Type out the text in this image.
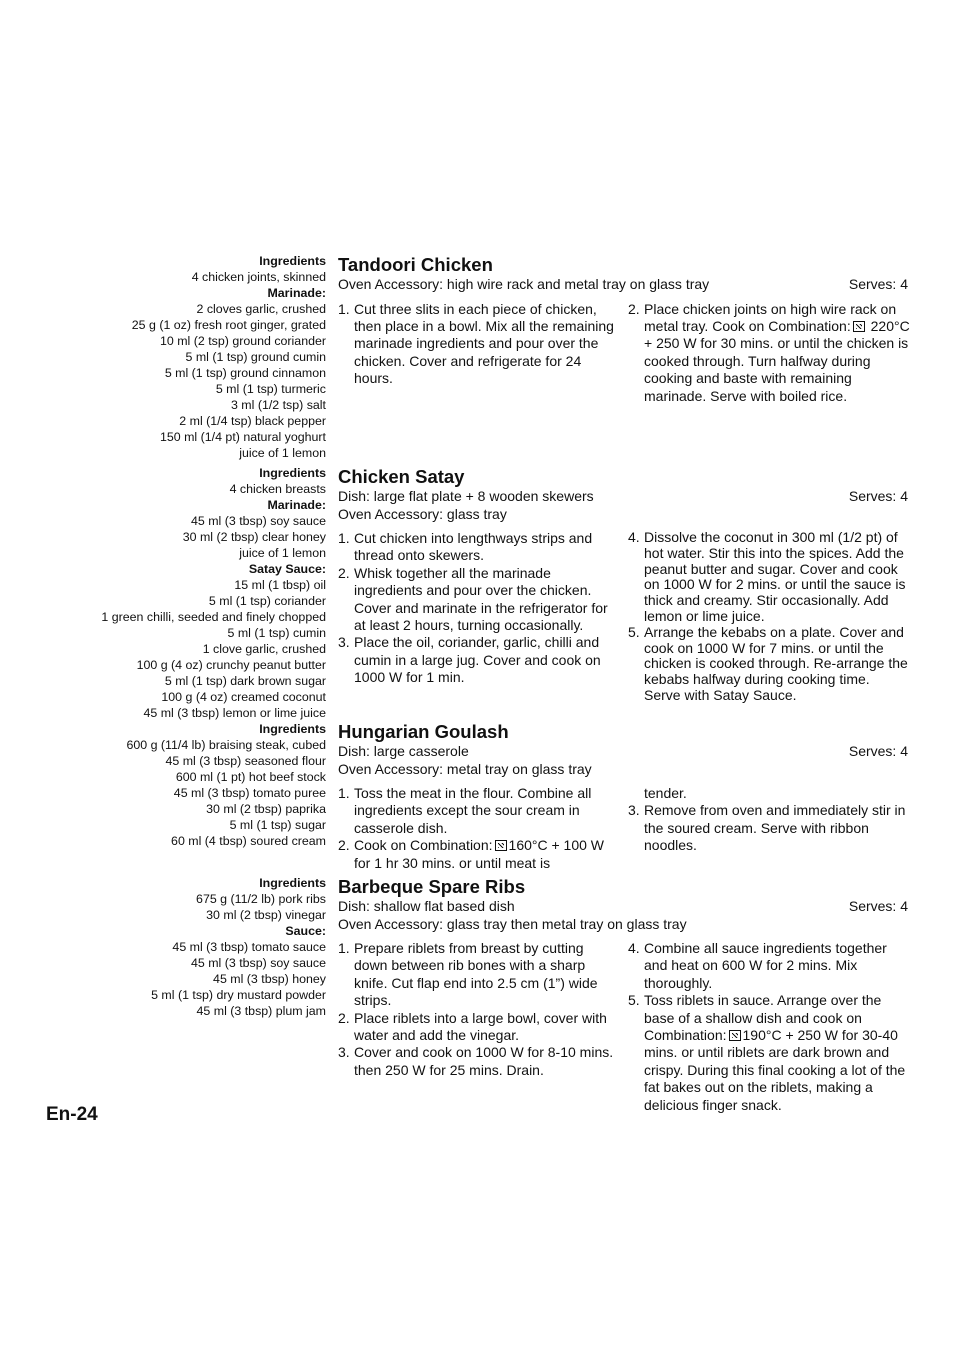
Ingredients
4 chicken joints, skinned
Marinade:
2 cloves garlic, crushed
25 g (1 oz) fresh root ginger, grated
10 ml (2 tsp) ground coriander
5 ml (1 tsp) ground cumin
5 ml (1 tsp) ground cinnamon
5 ml (1 tsp) turmeric
3 ml (1/2 tsp) salt
2 ml (1/4 tsp) black pepper
150 ml (1/4 pt) natural yoghurt
juice of 1 lemon
Ingredients
4 chicken breasts
Marinade:
45 ml (3 tbsp) soy sauce
30 ml (2 tbsp) clear honey
juice of 1 lemon
Satay Sauce:
15 ml (1 tbsp) oil
5 ml (1 tsp) coriander
1 green chilli, seeded and finely chopped
5 ml (1 tsp) cumin
1 clove garlic, crushed
100 g (4 oz) crunchy peanut butter
5 ml (1 tsp) dark brown sugar
100 g (4 oz) creamed coconut
45 ml (3 tbsp) lemon or lime juice
Ingredients
600 g (11/4 lb) braising steak, cubed
45 ml (3 tbsp) seasoned flour
600 ml (1 pt) hot beef stock
45 ml (3 tbsp) tomato puree
30 ml (2 tbsp) paprika
5 ml (1 tsp) sugar
60 ml (4 tbsp) soured cream
Ingredients
675 g (11/2 lb) pork ribs
30 ml (2 tbsp) vinegar
Sauce:
45 ml (3 tbsp) tomato sauce
45 ml (3 tbsp) soy sauce
45 ml (3 tbsp) honey
5 ml (1 tsp) dry mustard powder
45 ml (3 tbsp) plum jam
Tandoori Chicken
Oven Accessory: high wire rack and metal tray on glass tray	Serves: 4
1. Cut three slits in each piece of chicken, then place in a bowl. Mix all the remaining marinade ingredients and pour over the chicken. Cover and refrigerate for 24 hours.
2. Place chicken joints on high wire rack on metal tray. Cook on Combination: 220°C + 250 W for 30 mins. or until the chicken is cooked through. Turn halfway during cooking and baste with remaining marinade. Serve with boiled rice.
Chicken Satay
Dish: large flat plate + 8 wooden skewers
Oven Accessory: glass tray
Serves: 4
1. Cut chicken into lengthways strips and thread onto skewers.
2. Whisk together all the marinade ingredients and pour over the chicken. Cover and marinate in the refrigerator for at least 2 hours, turning occasionally.
3. Place the oil, coriander, garlic, chilli and cumin in a large jug. Cover and cook on 1000 W for 1 min.
4. Dissolve the coconut in 300 ml (1/2 pt) of hot water. Stir this into the spices. Add the peanut butter and sugar. Cover and cook on 1000 W for 2 mins. or until the sauce is thick and creamy. Stir occasionally. Add lemon or lime juice.
5. Arrange the kebabs on a plate. Cover and cook on 1000 W for 7 mins. or until the chicken is cooked through. Re-arrange the kebabs halfway during cooking time. Serve with Satay Sauce.
Hungarian Goulash
Dish: large casserole
Oven Accessory: metal tray on glass tray
Serves: 4
1. Toss the meat in the flour. Combine all ingredients except the sour cream in casserole dish.
2. Cook on Combination: 160°C + 100 W for 1 hr 30 mins. or until meat is
tender.
3. Remove from oven and immediately stir in the soured cream. Serve with ribbon noodles.
Barbeque Spare Ribs
Dish: shallow flat based dish
Oven Accessory: glass tray then metal tray on glass tray
Serves: 4
1. Prepare riblets from breast by cutting down between rib bones with a sharp knife. Cut flap end into 2.5 cm (1”) wide strips.
2. Place riblets into a large bowl, cover with water and add the vinegar.
3. Cover and cook on 1000 W for 8-10 mins. then 250 W for 25 mins. Drain.
4. Combine all sauce ingredients together and heat on 600 W for 2 mins. Mix thoroughly.
5. Toss riblets in sauce. Arrange over the base of a shallow dish and cook on Combination: 190°C + 250 W for 30-40 mins. or until riblets are dark brown and crispy. During this final cooking a lot of the fat bakes out on the riblets, making a delicious finger snack.
En-24
